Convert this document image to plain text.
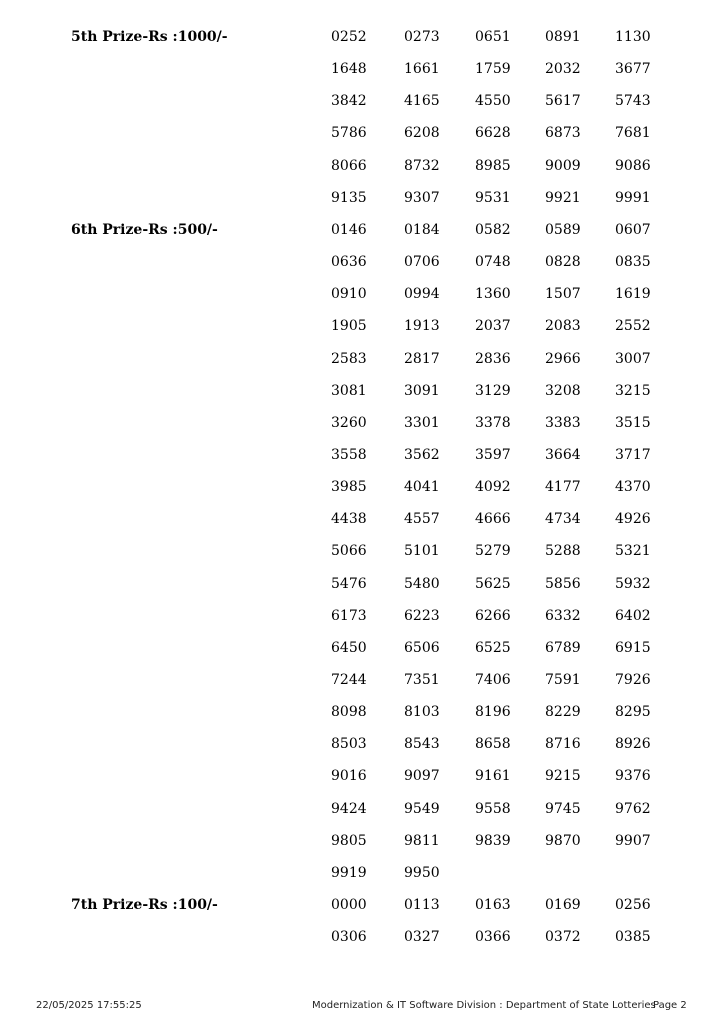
5th Prize-Rs :1000/-	0252	0273	0651 0891 1130
1648	1661	1759 2032 3677
3842	4165	4550 5617 5743
5786	6208	6628 6873 7681
8066	8732	8985 9009 9086
9135	9307	9531 9921 9991
6th Prize-Rs :500/-	0146	0184	0582 0589 0607
0636	0706	0748 0828 0835
0910	0994	1360 1507 1619
1905	1913	2037 2083 2552
2583	2817	2836 2966 3007
3081	3091	3129 3208 3215
3260	3301	3378 3383 3515
3558	3562	3597 3664 3717
3985	4041	4092 4177 4370
4438	4557	4666 4734 4926
5066	5101	5279 5288 5321
5476	5480	5625 5856 5932
6173	6223	6266 6332 6402
6450	6506	6525 6789 6915
7244	7351	7406 7591 7926
8098	8103	8196 8229 8295
8503	8543	8658 8716 8926
9016	9097	9161 9215 9376
9424	9549	9558 9745 9762
9805	9811	9839 9870 9907
9919	9950
7th Prize-Rs :100/-	0000	0113	0163 0169 0256
0306	0327	0366 0372 0385
22/05/2025 17:55:25	Modernization & IT Software Division : Department of State Lotteries
Page 2
